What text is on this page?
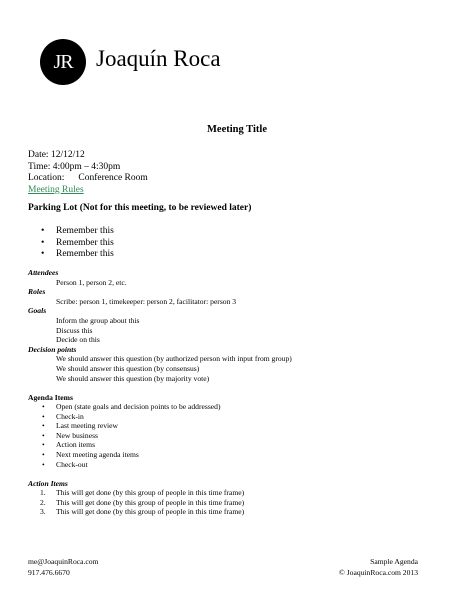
JR Joaquín Roca
Meeting Title
Date: 12/12/12
Time: 4:00pm – 4:30pm
Location: Conference Room
Meeting Rules
Parking Lot (Not for this meeting, to be reviewed later)
• Remember this
• Remember this
• Remember this
Attendees
Person 1, person 2, etc.
Roles
Scribe: person 1, timekeeper: person 2, facilitator: person 3
Goals
Inform the group about this
Discuss this
Decide on this
Decision points
We should answer this question (by authorized person with input from group)
We should answer this question (by consensus)
We should answer this question (by majority vote)
Agenda Items
• Open (state goals and decision points to be addressed)
• Check-in
• Last meeting review
• New business
• Action items
• Next meeting agenda items
• Check-out
Action Items
1. This will get done (by this group of people in this time frame)
2. This will get done (by this group of people in this time frame)
3. This will get done (by this group of people in this time frame)
me@JoaquinRoca.com
917.476.6670
Sample Agenda
© JoaquinRoca.com 2013
